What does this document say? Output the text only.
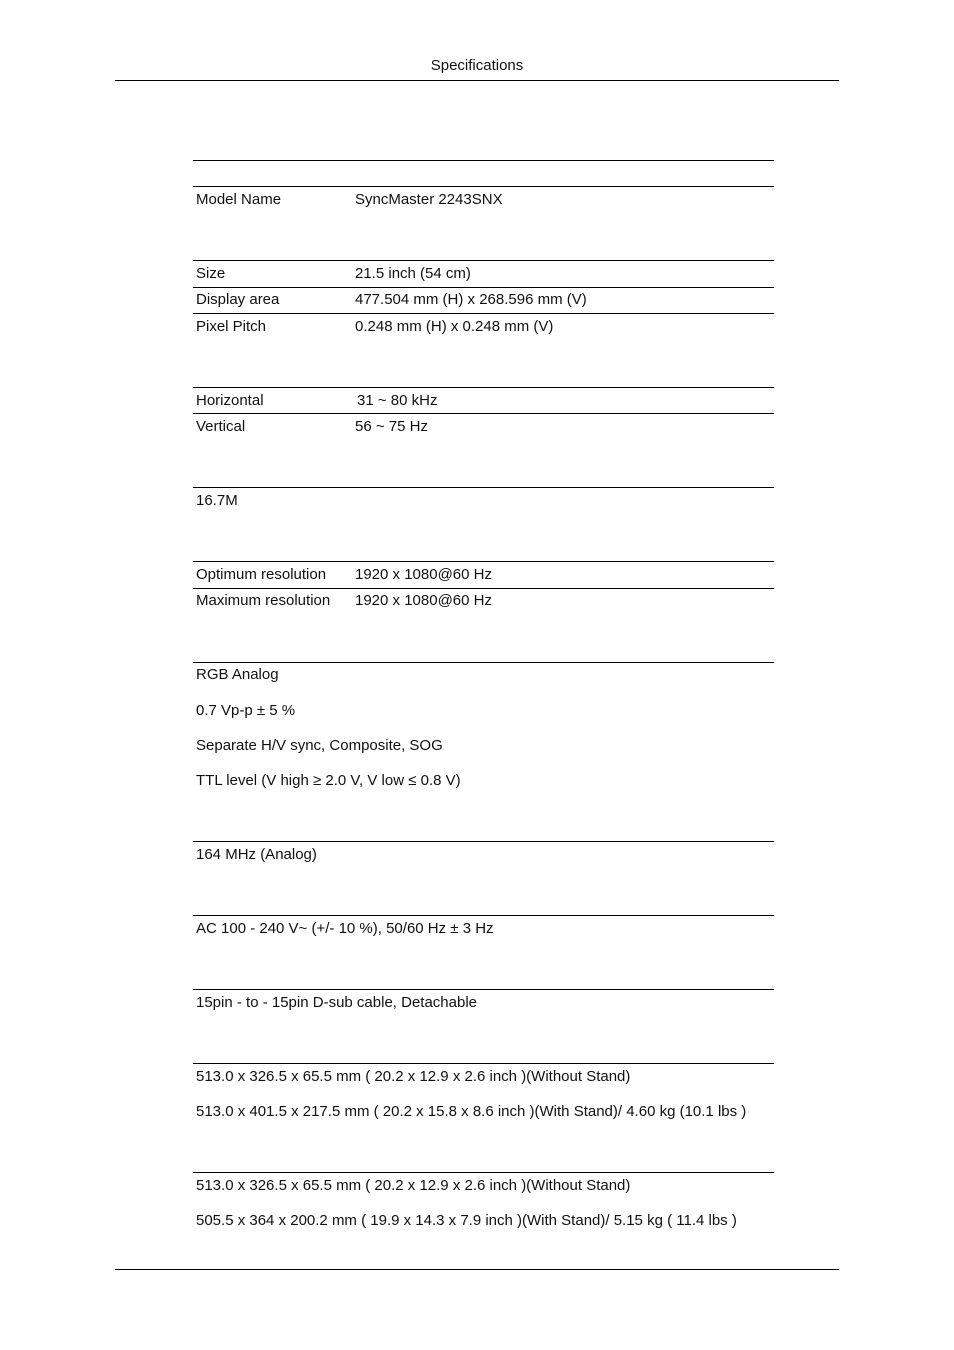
Specifications
Model Name	SyncMaster 2243SNX
Size	21.5 inch (54 cm)
Display area	477.504 mm (H) x 268.596 mm (V)
Pixel Pitch	0.248 mm (H) x 0.248 mm (V)
Horizontal	31 ~ 80 kHz
Vertical	56 ~ 75 Hz
16.7M
Optimum resolution 1920 x 1080@60 Hz
Maximum resolution 1920 x 1080@60 Hz
RGB Analog
0.7 Vp-p ± 5 %
Separate H/V sync, Composite, SOG
TTL level (V high ≥ 2.0 V, V low ≤ 0.8 V)
164 MHz (Analog)
AC 100 - 240 V~ (+/- 10 %), 50/60 Hz ± 3 Hz
15pin - to - 15pin D-sub cable, Detachable
513.0 x 326.5 x 65.5 mm ( 20.2 x 12.9 x 2.6 inch )(Without Stand)
513.0 x 401.5 x 217.5 mm ( 20.2 x 15.8 x 8.6 inch )(With Stand)/ 4.60 kg (10.1 lbs )
513.0 x 326.5 x 65.5 mm ( 20.2 x 12.9 x 2.6 inch )(Without Stand)
505.5 x 364 x 200.2 mm ( 19.9 x 14.3 x 7.9 inch )(With Stand)/ 5.15 kg ( 11.4 lbs )
